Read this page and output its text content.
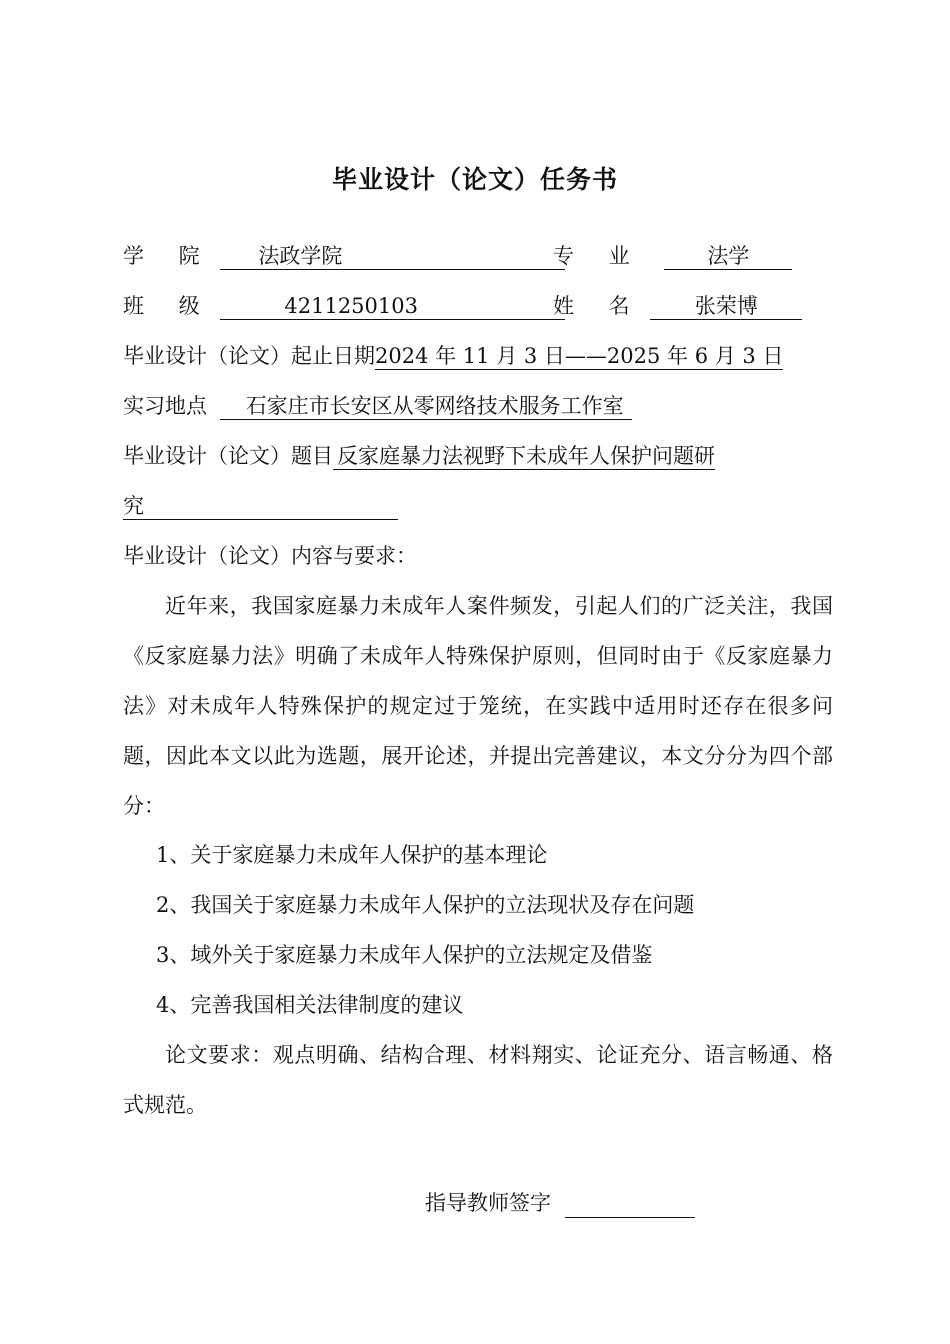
毕业设计（论文）任务书
学 院 法政学院	专 业	法学
班 级	4211250103	姓 名 张荣博
毕业设计（论文）起止日期2024 年 11 月 3 日——2025 年 6 月 3 日
实习地点 石家庄市长安区从零网络技术服务工作室
毕业设计（论文）题目 反家庭暴力法视野下未成年人保护问题研
究
毕业设计（论文）内容与要求：
近年来，我国家庭暴力未成年人案件频发，引起人们的广泛关注，我国《反家庭暴力法》明确了未成年人特殊保护原则，但同时由于《反家庭暴力法》对未成年人特殊保护的规定过于笼统，在实践中适用时还存在很多问题，因此本文以此为选题，展开论述，并提出完善建议，本文分分为四个部分：
1、关于家庭暴力未成年人保护的基本理论
2、我国关于家庭暴力未成年人保护的立法现状及存在问题
3、域外关于家庭暴力未成年人保护的立法规定及借鉴
4、完善我国相关法律制度的建议
论文要求：观点明确、结构合理、材料翔实、论证充分、语言畅通、格式规范。
指导教师签字
